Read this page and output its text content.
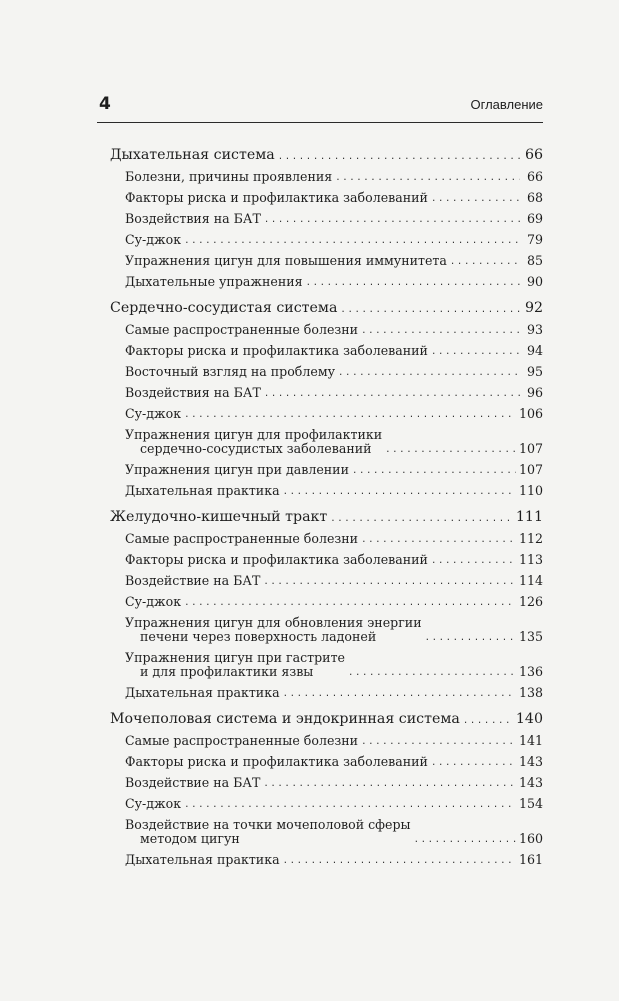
4	Оглавление
Дыхательная система .....	66
Болезни, причины проявления .....	66
Факторы риска и профилактика заболеваний .....	68
Воздействия на БАТ .....	69
Су-джок .....	79
Упражнения цигун для повышения иммунитета .....	85
Дыхательные упражнения .....	90
Сердечно-сосудистая система .....	92
Самые распространенные болезни .....	93
Факторы риска и профилактика заболеваний .....	94
Восточный взгляд на проблему .....	95
Воздействия на БАТ .....	96
Су-джок .....	106
Упражнения цигун для профилактики
сердечно-сосудистых заболеваний .....	107
Упражнения цигун при давлении .....	107
Дыхательная практика .....	110
Желудочно-кишечный тракт .....	111
Самые распространенные болезни .....	112
Факторы риска и профилактика заболеваний .....	113
Воздействие на БАТ .....	114
Су-джок .....	126
Упражнения цигун для обновления энергии
печени через поверхность ладоней .....	135
Упражнения цигун при гастрите
и для профилактики язвы .....	136
Дыхательная практика .....	138
Мочеполовая система и эндокринная система .....	140
Самые распространенные болезни .....	141
Факторы риска и профилактика заболеваний .....	143
Воздействие на БАТ .....	143
Су-джок .....	154
Воздействие на точки мочеполовой сферы
методом цигун .....	160
Дыхательная практика .....	161
